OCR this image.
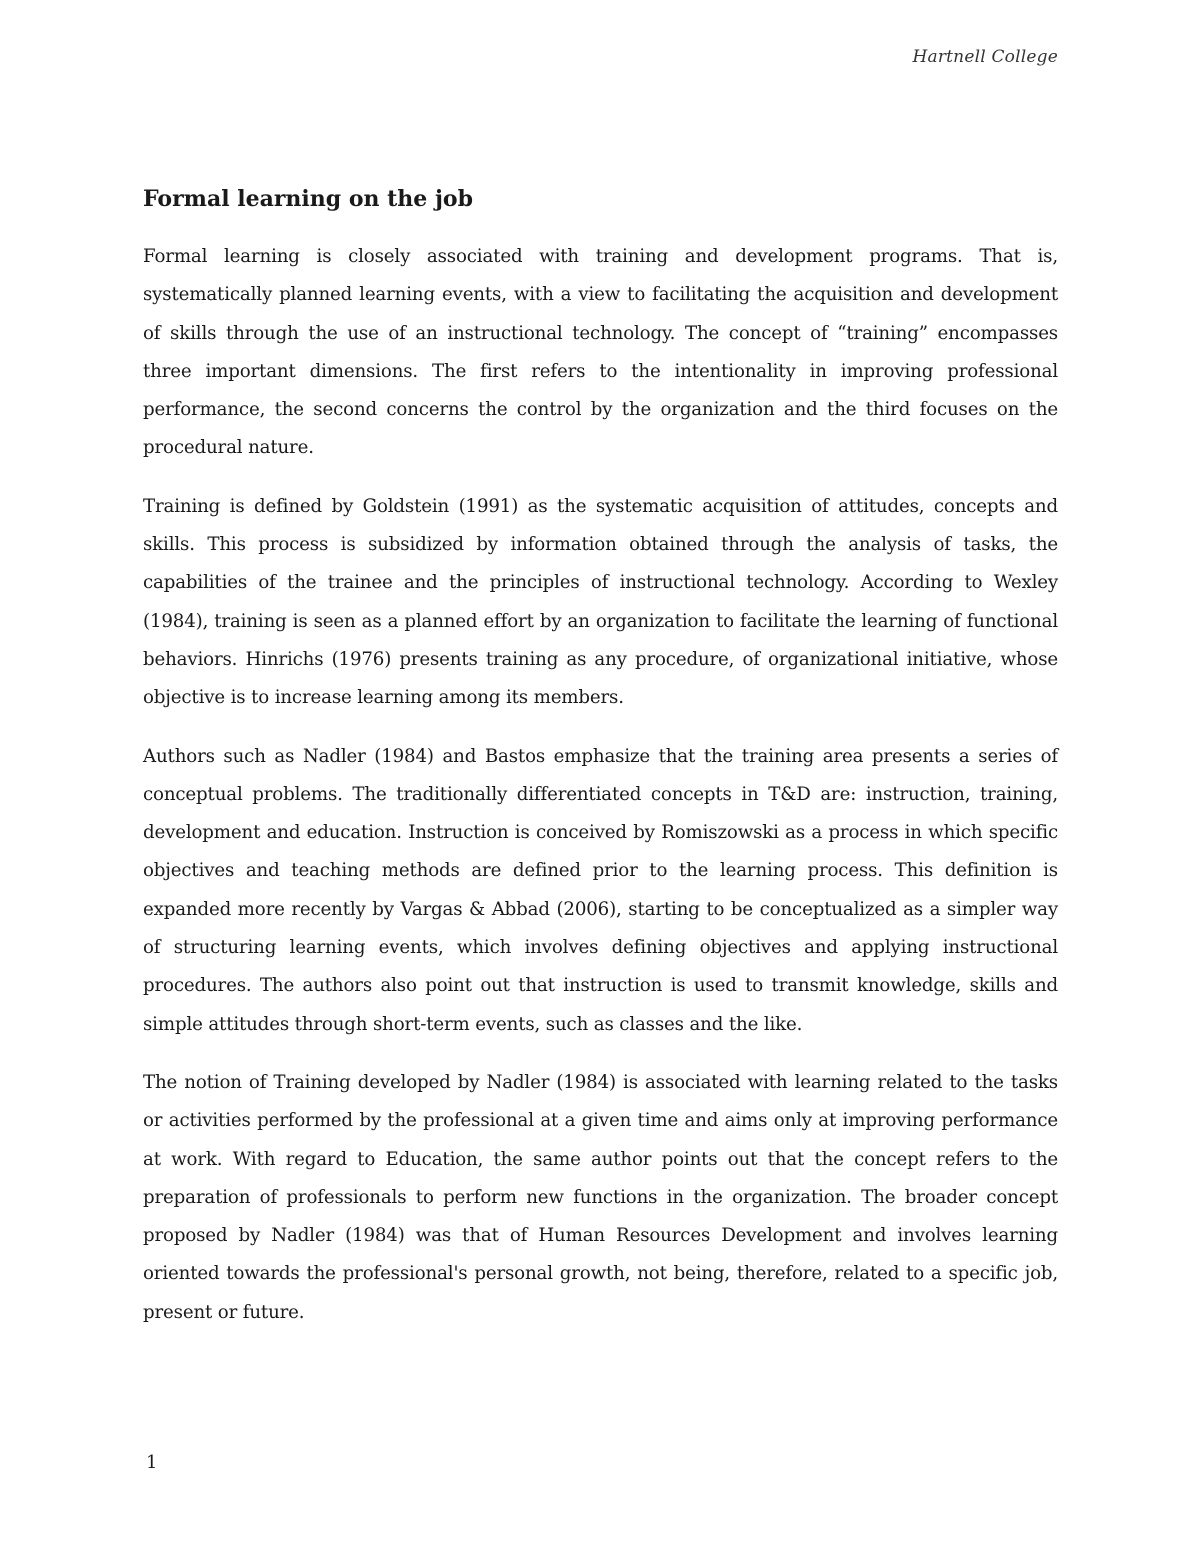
Hartnell College
Formal learning on the job

Formal learning is closely associated with training and development programs. That is, systematically planned learning events, with a view to facilitating the acquisition and development of skills through the use of an instructional technology. The concept of “training” encompasses three important dimensions. The first refers to the intentionality in improving professional performance, the second concerns the control by the organization and the third focuses on the procedural nature.

Training is defined by Goldstein (1991) as the systematic acquisition of attitudes, concepts and skills. This process is subsidized by information obtained through the analysis of tasks, the capabilities of the trainee and the principles of instructional technology. According to Wexley (1984), training is seen as a planned effort by an organization to facilitate the learning of functional behaviors. Hinrichs (1976) presents training as any procedure, of organizational initiative, whose objective is to increase learning among its members.

Authors such as Nadler (1984) and Bastos emphasize that the training area presents a series of conceptual problems. The traditionally differentiated concepts in T&D are: instruction, training, development and education. Instruction is conceived by Romiszowski as a process in which specific objectives and teaching methods are defined prior to the learning process. This definition is expanded more recently by Vargas & Abbad (2006), starting to be conceptualized as a simpler way of structuring learning events, which involves defining objectives and applying instructional procedures. The authors also point out that instruction is used to transmit knowledge, skills and simple attitudes through short-term events, such as classes and the like.

The notion of Training developed by Nadler (1984) is associated with learning related to the tasks or activities performed by the professional at a given time and aims only at improving performance at work. With regard to Education, the same author points out that the concept refers to the preparation of professionals to perform new functions in the organization. The broader concept proposed by Nadler (1984) was that of Human Resources Development and involves learning oriented towards the professional's personal growth, not being, therefore, related to a specific job, present or future.

1
